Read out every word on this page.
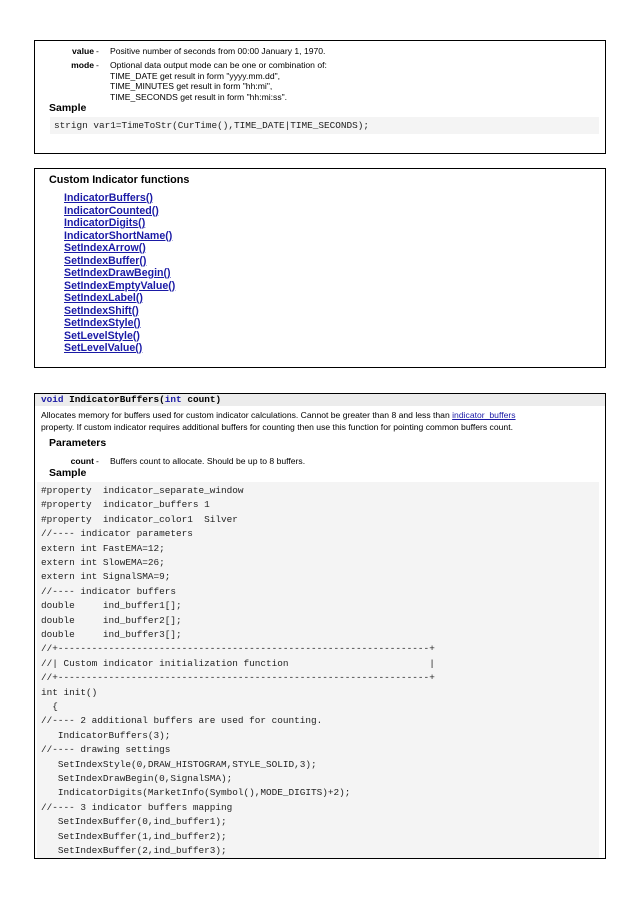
value -	Positive number of seconds from 00:00 January 1, 1970.
mode -	Optional data output mode can be one or combination of:
TIME_DATE get result in form "yyyy.mm.dd",
TIME_MINUTES get result in form "hh:mi",
TIME_SECONDS get result in form "hh:mi:ss".
Sample
strign var1=TimeToStr(CurTime(),TIME_DATE|TIME_SECONDS);
Custom Indicator functions
IndicatorBuffers()
IndicatorCounted()
IndicatorDigits()
IndicatorShortName()
SetIndexArrow()
SetIndexBuffer()
SetIndexDrawBegin()
SetIndexEmptyValue()
SetIndexLabel()
SetIndexShift()
SetIndexStyle()
SetLevelStyle()
SetLevelValue()
void IndicatorBuffers(int count)
Allocates memory for buffers used for custom indicator calculations. Cannot be greater than 8 and less than indicator_buffers
property. If custom indicator requires additional buffers for counting then use this function for pointing common buffers count.
Parameters
count -	Buffers count to allocate. Should be up to 8 buffers.
Sample
#property  indicator_separate_window
#property  indicator_buffers 1
#property  indicator_color1  Silver
//---- indicator parameters
extern int FastEMA=12;
extern int SlowEMA=26;
extern int SignalSMA=9;
//---- indicator buffers
double     ind_buffer1[];
double     ind_buffer2[];
double     ind_buffer3[];
//+------------------------------------------------------------------+
//| Custom indicator initialization function                         |
//+------------------------------------------------------------------+
int init()
{
//---- 2 additional buffers are used for counting.
IndicatorBuffers(3);
//---- drawing settings
SetIndexStyle(0,DRAW_HISTOGRAM,STYLE_SOLID,3);
SetIndexDrawBegin(0,SignalSMA);
IndicatorDigits(MarketInfo(Symbol(),MODE_DIGITS)+2);
//---- 3 indicator buffers mapping
SetIndexBuffer(0,ind_buffer1);
SetIndexBuffer(1,ind_buffer2);
SetIndexBuffer(2,ind_buffer3);
